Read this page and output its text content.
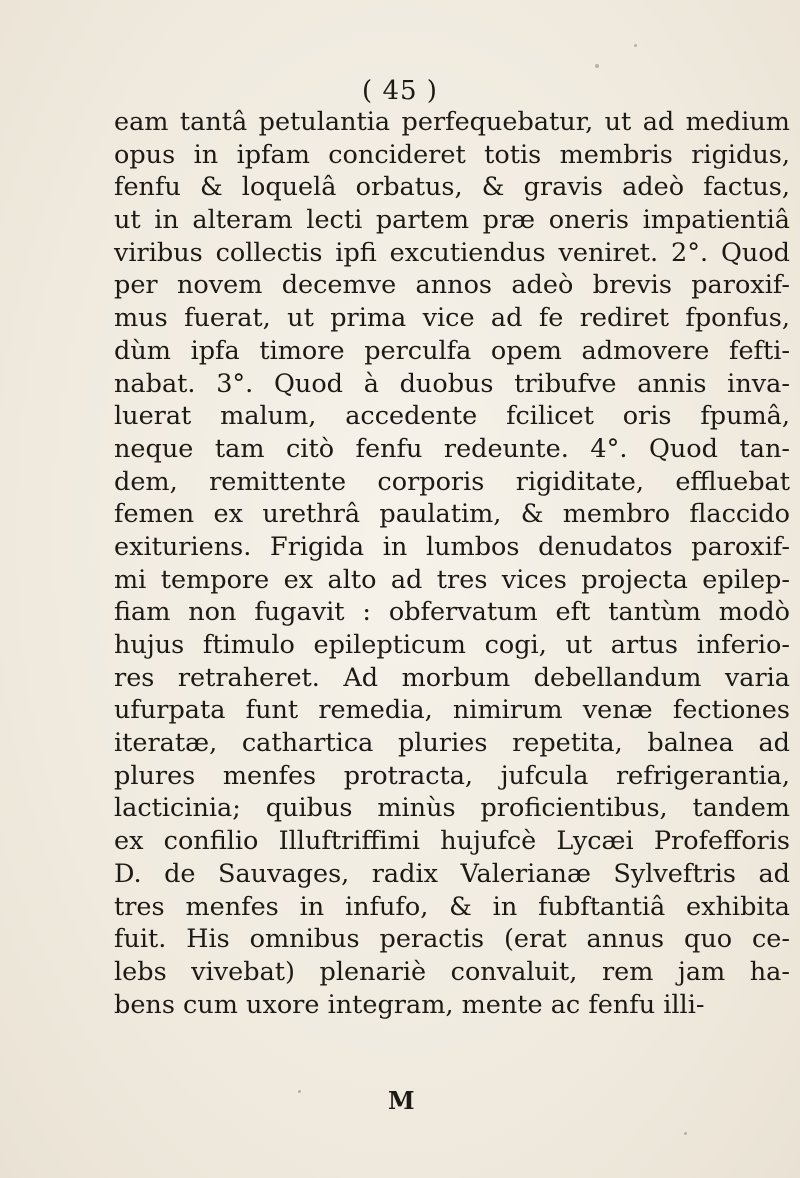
( 45 )
eam tantâ petulantia perfequebatur, ut ad medium
opus in ipfam concideret totis membris rigidus,
fenfu & loquelâ orbatus, & gravis adeò factus,
ut in alteram lecti partem præ oneris impatientiâ
viribus collectis ipfi excutiendus veniret. 2°. Quod
per novem decemve annos adeò brevis paroxif-
mus fuerat, ut prima vice ad fe rediret fponfus,
dùm ipfa timore perculfa opem admovere fefti-
nabat. 3°. Quod à duobus tribufve annis inva-
luerat malum, accedente fcilicet oris fpumâ,
neque tam citò fenfu redeunte. 4°. Quod tan-
dem, remittente corporis rigiditate, effluebat
femen ex urethrâ paulatim, & membro flaccido
exituriens. Frigida in lumbos denudatos paroxif-
mi tempore ex alto ad tres vices projecta epilep-
fiam non fugavit : obfervatum eft tantùm modò
hujus ftimulo epilepticum cogi, ut artus inferio-
res retraheret. Ad morbum debellandum varia
ufurpata funt remedia, nimirum venæ fectiones
iteratæ, cathartica pluries repetita, balnea ad
plures menfes protracta, jufcula refrigerantia,
lacticinia; quibus minùs proficientibus, tandem
ex confilio Illuftriffimi hujufcè Lycæi Profefforis
D. de Sauvages, radix Valerianæ Sylveftris ad
tres menfes in infufo, & in fubftantiâ exhibita
fuit. His omnibus peractis (erat annus quo ce-
lebs vivebat) plenariè convaluit, rem jam ha-
bens cum uxore integram, mente ac fenfu illi-
M
